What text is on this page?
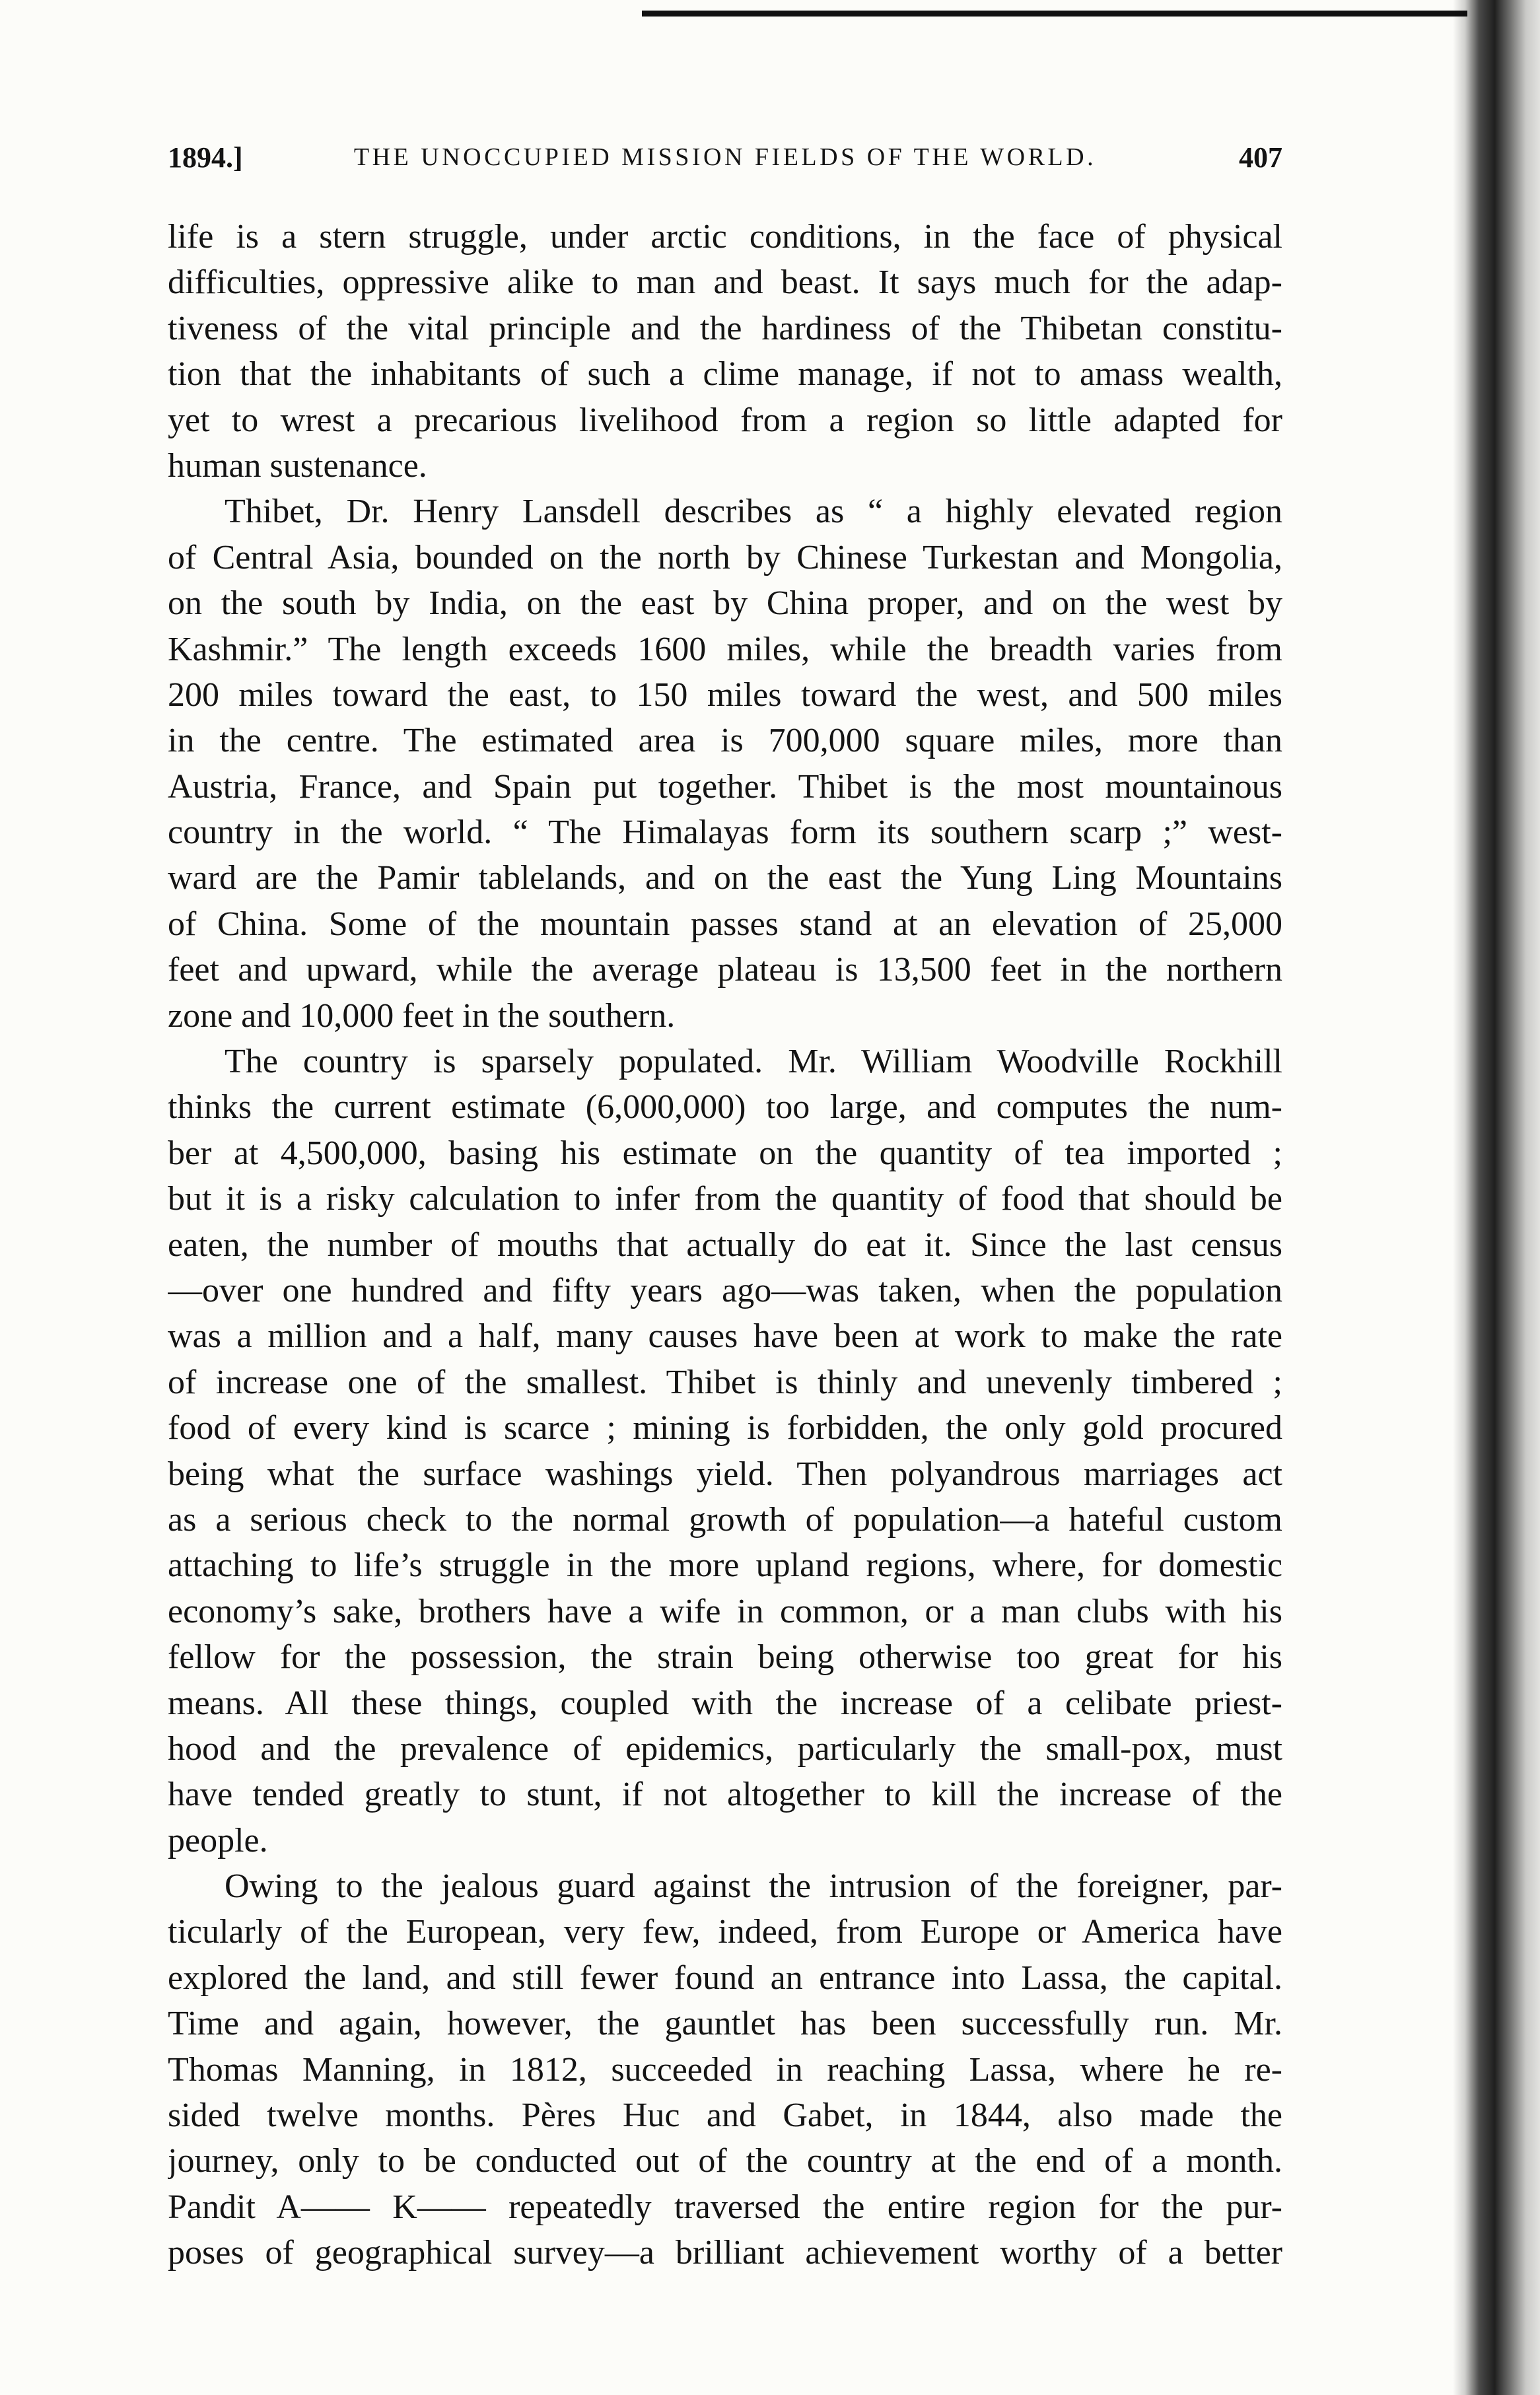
1894.]	THE UNOCCUPIED MISSION FIELDS OF THE WORLD.	407
life is a stern struggle, under arctic conditions, in the face of physical
difficulties, oppressive alike to man and beast. It says much for the adap-
tiveness of the vital principle and the hardiness of the Thibetan constitu-
tion that the inhabitants of such a clime manage, if not to amass wealth,
yet to wrest a precarious livelihood from a region so little adapted for
human sustenance.
Thibet, Dr. Henry Lansdell describes as “ a highly elevated region
of Central Asia, bounded on the north by Chinese Turkestan and Mongolia,
on the south by India, on the east by China proper, and on the west by
Kashmir.” The length exceeds 1600 miles, while the breadth varies from
200 miles toward the east, to 150 miles toward the west, and 500 miles
in the centre. The estimated area is 700,000 square miles, more than
Austria, France, and Spain put together. Thibet is the most mountainous
country in the world. “ The Himalayas form its southern scarp ;” west-
ward are the Pamir tablelands, and on the east the Yung Ling Mountains
of China. Some of the mountain passes stand at an elevation of 25,000
feet and upward, while the average plateau is 13,500 feet in the northern
zone and 10,000 feet in the southern.
The country is sparsely populated. Mr. William Woodville Rockhill
thinks the current estimate (6,000,000) too large, and computes the num-
ber at 4,500,000, basing his estimate on the quantity of tea imported ;
but it is a risky calculation to infer from the quantity of food that should be
eaten, the number of mouths that actually do eat it. Since the last census
—over one hundred and fifty years ago—was taken, when the population
was a million and a half, many causes have been at work to make the rate
of increase one of the smallest. Thibet is thinly and unevenly timbered ;
food of every kind is scarce ; mining is forbidden, the only gold procured
being what the surface washings yield. Then polyandrous marriages act
as a serious check to the normal growth of population—a hateful custom
attaching to life’s struggle in the more upland regions, where, for domestic
economy’s sake, brothers have a wife in common, or a man clubs with his
fellow for the possession, the strain being otherwise too great for his
means. All these things, coupled with the increase of a celibate priest-
hood and the prevalence of epidemics, particularly the small-pox, must
have tended greatly to stunt, if not altogether to kill the increase of the
people.
Owing to the jealous guard against the intrusion of the foreigner, par-
ticularly of the European, very few, indeed, from Europe or America have
explored the land, and still fewer found an entrance into Lassa, the capital.
Time and again, however, the gauntlet has been successfully run. Mr.
Thomas Manning, in 1812, succeeded in reaching Lassa, where he re-
sided twelve months. Pères Huc and Gabet, in 1844, also made the
journey, only to be conducted out of the country at the end of a month.
Pandit A—— K—— repeatedly traversed the entire region for the pur-
poses of geographical survey—a brilliant achievement worthy of a better
